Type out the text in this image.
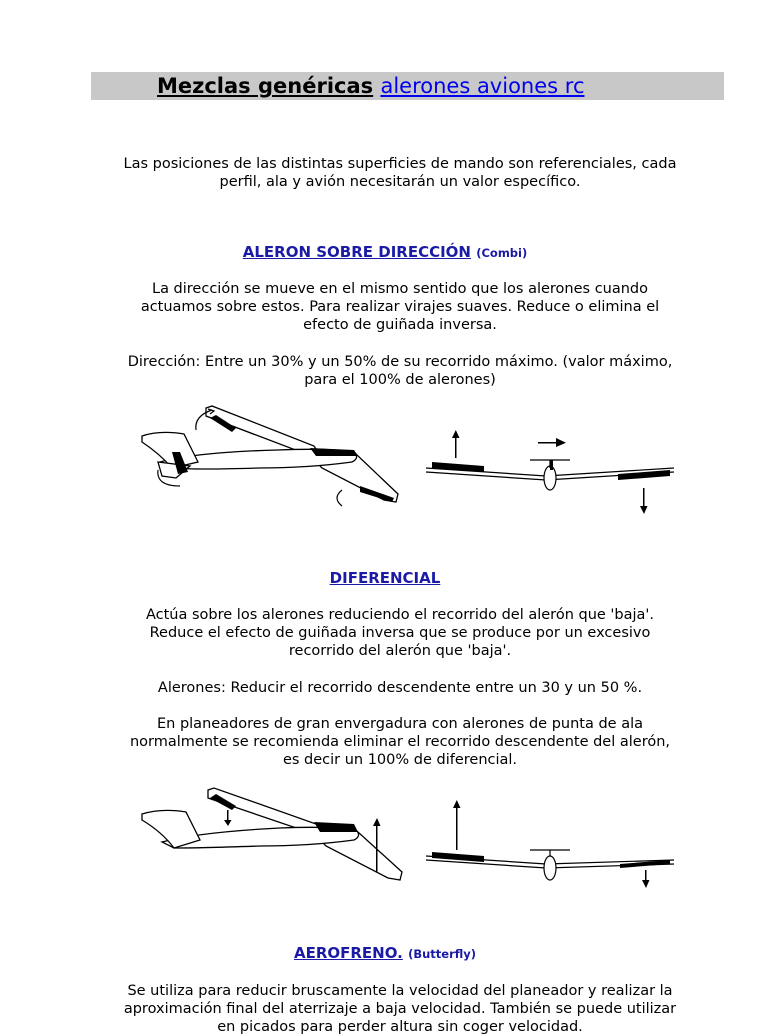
Mezclas genéricas alerones aviones rc

Las posiciones de las distintas superficies de mando son referenciales, cada perfil, ala y avión necesitarán un valor específico.

ALERON SOBRE DIRECCIÓN (Combi)

La dirección se mueve en el mismo sentido que los alerones cuando actuamos sobre estos. Para realizar virajes suaves. Reduce o elimina el efecto de guiñada inversa.

Dirección: Entre un 30% y un 50% de su recorrido máximo. (valor máximo, para el 100% de alerones)

DIFERENCIAL

Actúa sobre los alerones reduciendo el recorrido del alerón que 'baja'. Reduce el efecto de guiñada inversa que se produce por un excesivo recorrido del alerón que 'baja'.

Alerones: Reducir el recorrido descendente entre un 30 y un 50 %.

En planeadores de gran envergadura con alerones de punta de ala normalmente se recomienda eliminar el recorrido descendente del alerón, es decir un 100% de diferencial.

AEROFRENO. (Butterfly)

Se utiliza para reducir bruscamente la velocidad del planeador y realizar la aproximación final del aterrizaje a baja velocidad. También se puede utilizar en picados para perder altura sin coger velocidad.
